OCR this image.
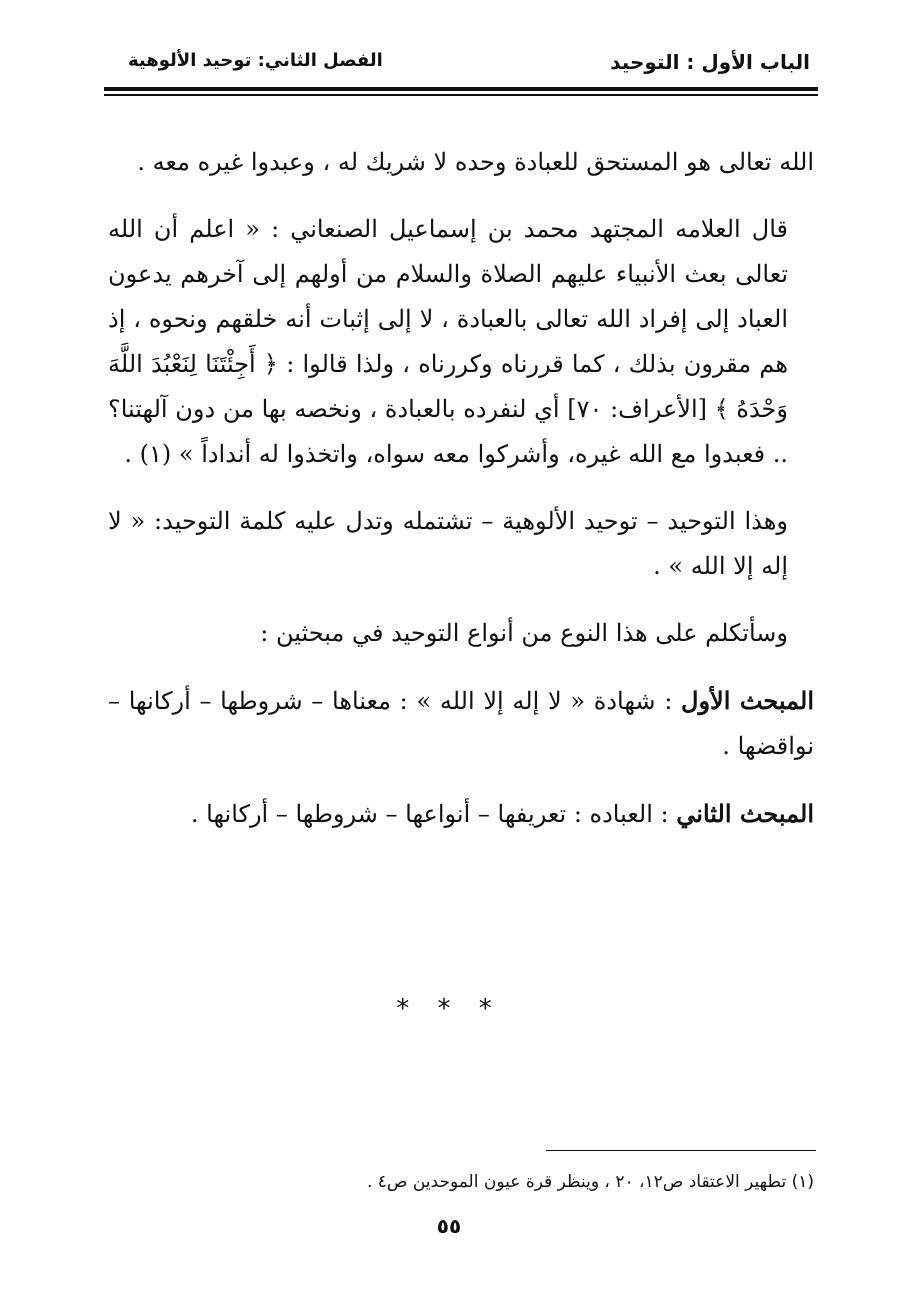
الباب الأول : التوحيد
الفصل الثاني: توحيد الألوهية

الله تعالى هو المستحق للعبادة وحده لا شريك له ، وعبدوا غيره معه .

قال العلامه المجتهد محمد بن إسماعيل الصنعاني : « اعلم أن الله تعالى بعث الأنبياء عليهم الصلاة والسلام من أولهم إلى آخرهم يدعون العباد إلى إفراد الله تعالى بالعبادة ، لا إلى إثبات أنه خلقهم ونحوه ، إذ هم مقرون بذلك ، كما قررناه وكررناه ، ولذا قالوا : ﴿ أَجِئْتَنَا لِنَعْبُدَ اللَّهَ وَحْدَهُ ﴾ [الأعراف: ٧٠] أي لنفرده بالعبادة ، ونخصه بها من دون آلهتنا؟ .. فعبدوا مع الله غيره، وأشركوا معه سواه، واتخذوا له أنداداً » (١) .

وهذا التوحيد – توحيد الألوهية – تشتمله وتدل عليه كلمة التوحيد: « لا إله إلا الله » .

وسأتكلم على هذا النوع من أنواع التوحيد في مبحثين :

المبحث الأول : شهادة « لا إله إلا الله » : معناها – شروطها – أركانها – نواقضها .

المبحث الثاني : العباده : تعريفها – أنواعها – شروطها – أركانها .

* * *
(١) تطهير الاعتقاد ص١٢، ٢٠ ، وينظر قرة عيون الموحدين ص٤ .
٥٥
